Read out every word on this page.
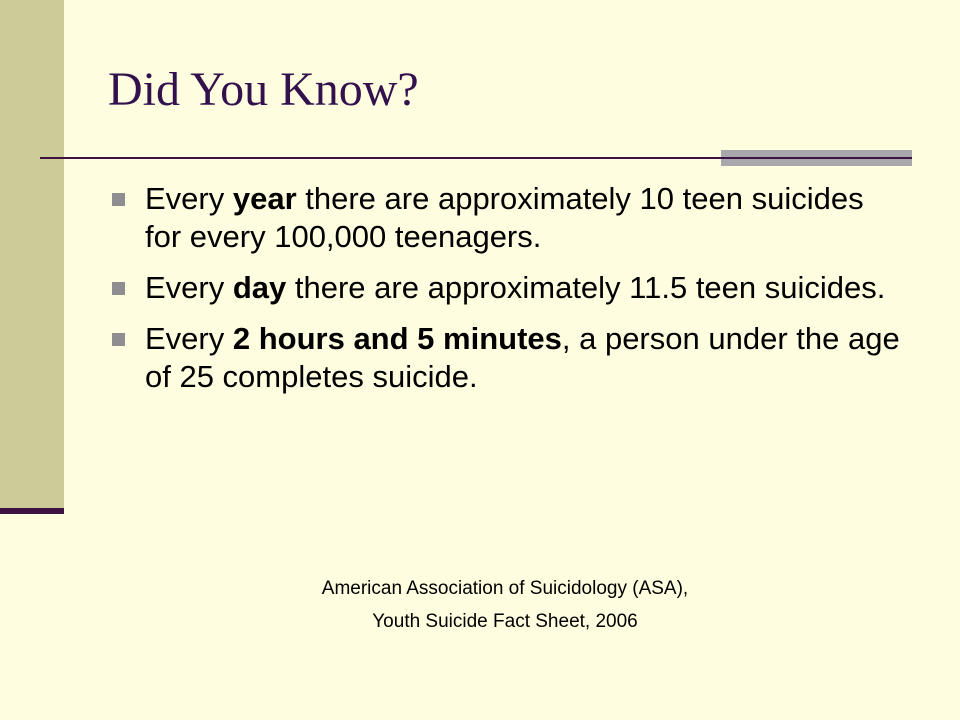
Did You Know?
Every year there are approximately 10 teen suicides for every 100,000 teenagers.
Every day there are approximately 11.5 teen suicides.
Every 2 hours and 5 minutes, a person under the age of 25 completes suicide.
American Association of Suicidology (ASA),
Youth Suicide Fact Sheet, 2006
